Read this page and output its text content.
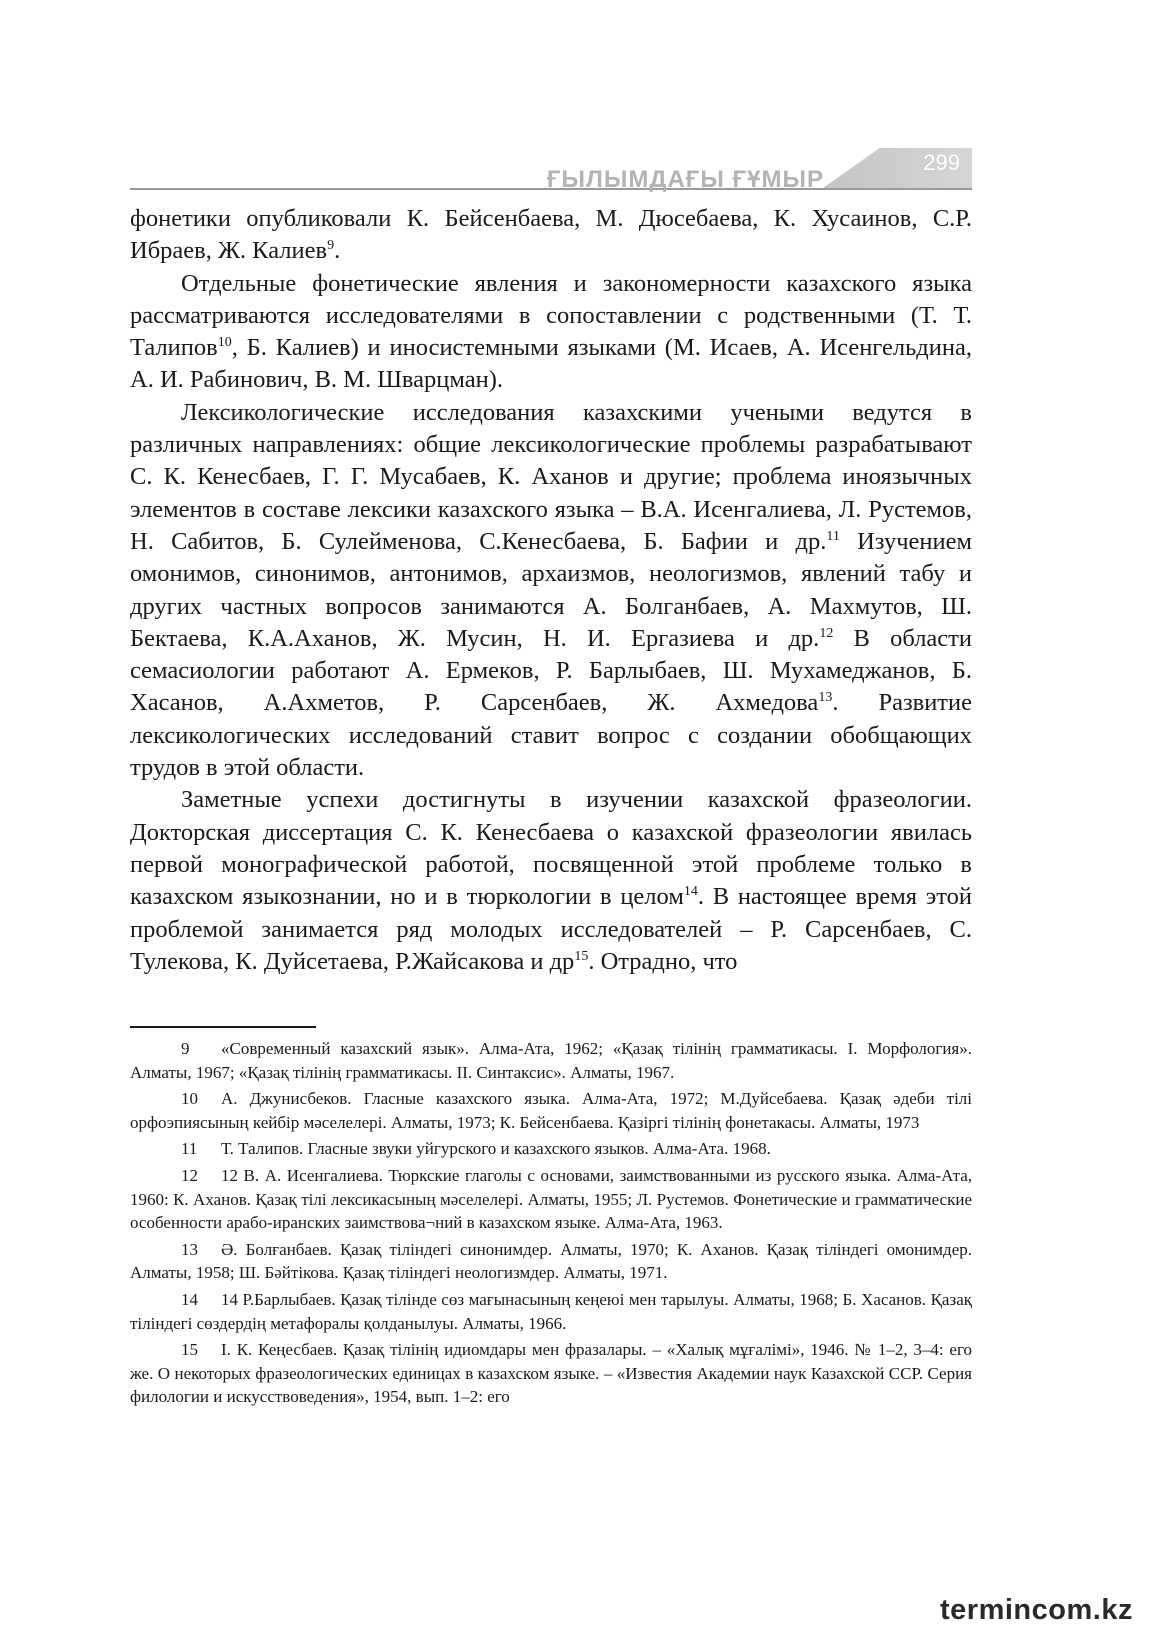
ҒЫЛЫМДАҒЫ ҒҰМЫР
299

фонетики опубликовали К. Бейсенбаева, М. Дюсебаева, К. Хусаинов, С.Р. Ибраев, Ж. Калиев$^9$.

Отдельные фонетические явления и закономерности казахского языка рассматриваются исследователями в сопоставлении с родственными (Т. Т. Талипов$^{10}$, Б. Калиев) и иносистемными языками (М. Исаев, А. Исенгельдина, А. И. Рабинович, В. М. Шварцман).

Лексикологические исследования казахскими учеными ведутся в различных направлениях: общие лексикологические проблемы разрабатывают С. К. Кенесбаев, Г. Г. Мусабаев, К. Аханов и другие; проблема иноязычных элементов в составе лексики казахского языка – В.А. Исенгалиева, Л. Рустемов, Н. Сабитов, Б. Сулейменова, С.Кенесбаева, Б. Бафии и др.$^{11}$ Изучением омонимов, синонимов, антонимов, архаизмов, неологизмов, явлений табу и других частных вопросов занимаются А. Болганбаев, А. Махмутов, Ш. Бектаева, К.А.Аханов, Ж. Мусин, Н. И. Ергазиева и др.$^{12}$ В области семасиологии работают А. Ермеков, Р. Барлыбаев, Ш. Мухамеджанов, Б. Хасанов, А.Ахметов, Р. Сарсенбаев, Ж. Ахмедова$^{13}$. Развитие лексикологических исследований ставит вопрос с создании обобщающих трудов в этой области.

Заметные успехи достигнуты в изучении казахской фразеологии. Докторская диссертация С. К. Кенесбаева о казахской фразеологии явилась первой монографической работой, посвященной этой проблеме только в казахском языкознании, но и в тюркологии в целом$^{14}$. В настоящее время этой проблемой занимается ряд молодых исследователей – Р. Сарсенбаев, С. Тулекова, К. Дуйсетаева, Р.Жайсакова и $др^{15}$. Отрадно, что

9 «Современный казахский язык». Алма-Ата, 1962; «Қазақ тілінің грамматикасы. І. Морфология». Алматы, 1967; «Қазақ тілінің грамматикасы. ІІ. Синтаксис». Алматы, 1967.

10 А. Джунисбеков. Гласные казахского языка. Алма-Ата, 1972; М.Дуйсебаева. Қазақ әдеби тілі орфоэпиясының кейбір мәселелері. Алматы, 1973; К. Бейсенбаева. Қазіргі тілінің фонетакасы. Алматы, 1973

11 Т. Талипов. Гласные звуки уйгурского и казахского языков. Алма-Ата. 1968.

12 12 В. А. Исенгалиева. Тюркские глаголы с основами, заимствованными из русского языка. Алма-Ата, 1960: К. Аханов. Қазақ тілі лексикасының мәселелері. Алматы, 1955; Л. Рустемов. Фонетические и грамматические особенности арабо-иранских заимствова¬ний в казахском языке. Алма-Ата, 1963.

13 Ә. Болғанбаев. Қазақ тіліндегі синонимдер. Алматы, 1970; К. Аханов. Қазақ тіліндегі омонимдер. Алматы, 1958; Ш. Бәйтікова. Қазақ тіліндегі неологизмдер. Алматы, 1971.

14 14 Р.Барлыбаев. Қазақ тілінде сөз мағынасының кеңеюі мен тарылуы. Алматы, 1968; Б. Хасанов. Қазақ тіліндегі сөздердің метафоралы қолданылуы. Алматы, 1966.

15 І. К. Кеңесбаев. Қазақ тілінің идиомдары мен фразалары. – «Халық мұғалімі», 1946. № 1–2, 3–4: его же. О некоторых фразеологических единицах в казахском языке. – «Известия Академии наук Казахской ССР. Серия филологии и искусствоведения», 1954, вып. 1–2: его

termincom.kz
